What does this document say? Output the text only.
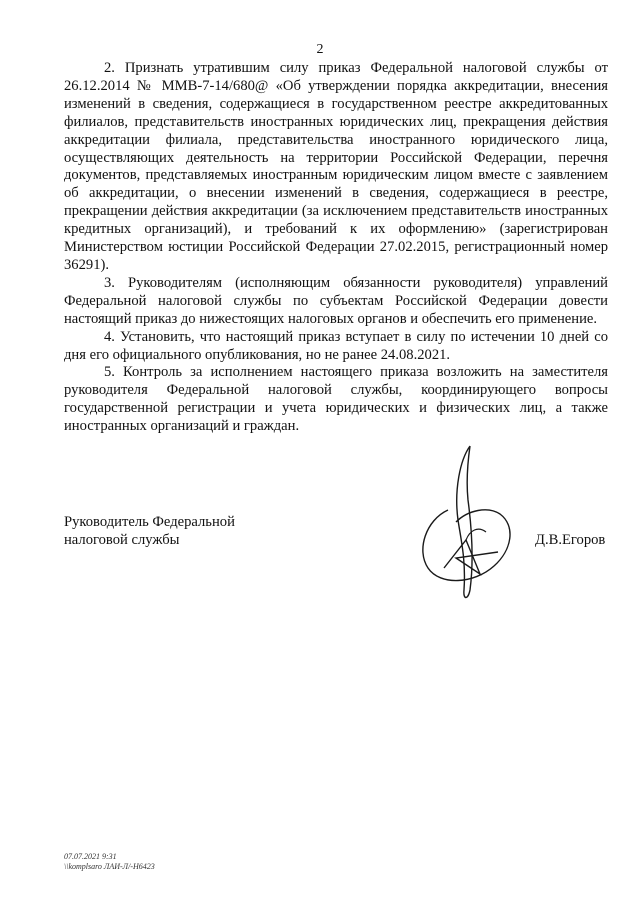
2

2. Признать утратившим силу приказ Федеральной налоговой службы от 26.12.2014 № ММВ-7-14/680@ «Об утверждении порядка аккредитации, внесения изменений в сведения, содержащиеся в государственном реестре аккредитованных филиалов, представительств иностранных юридических лиц, прекращения действия аккредитации филиала, представительства иностранного юридического лица, осуществляющих деятельность на территории Российской Федерации, перечня документов, представляемых иностранным юридическим лицом вместе с заявлением об аккредитации, о внесении изменений в сведения, содержащиеся в реестре, прекращении действия аккредитации (за исключением представительств иностранных кредитных организаций), и требований к их оформлению» (зарегистрирован Министерством юстиции Российской Федерации 27.02.2015, регистрационный номер 36291).

3. Руководителям (исполняющим обязанности руководителя) управлений Федеральной налоговой службы по субъектам Российской Федерации довести настоящий приказ до нижестоящих налоговых органов и обеспечить его применение.

4. Установить, что настоящий приказ вступает в силу по истечении 10 дней со дня его официального опубликования, но не ранее 24.08.2021.

5. Контроль за исполнением настоящего приказа возложить на заместителя руководителя Федеральной налоговой службы, координирующего вопросы государственной регистрации и учета юридических и физических лиц, а также иностранных организаций и граждан.

Руководитель Федеральной
налоговой службы	Д.В.Егоров
07.07.2021 9:31
\\komplsaro ЛАИ-Л/-Н6423
